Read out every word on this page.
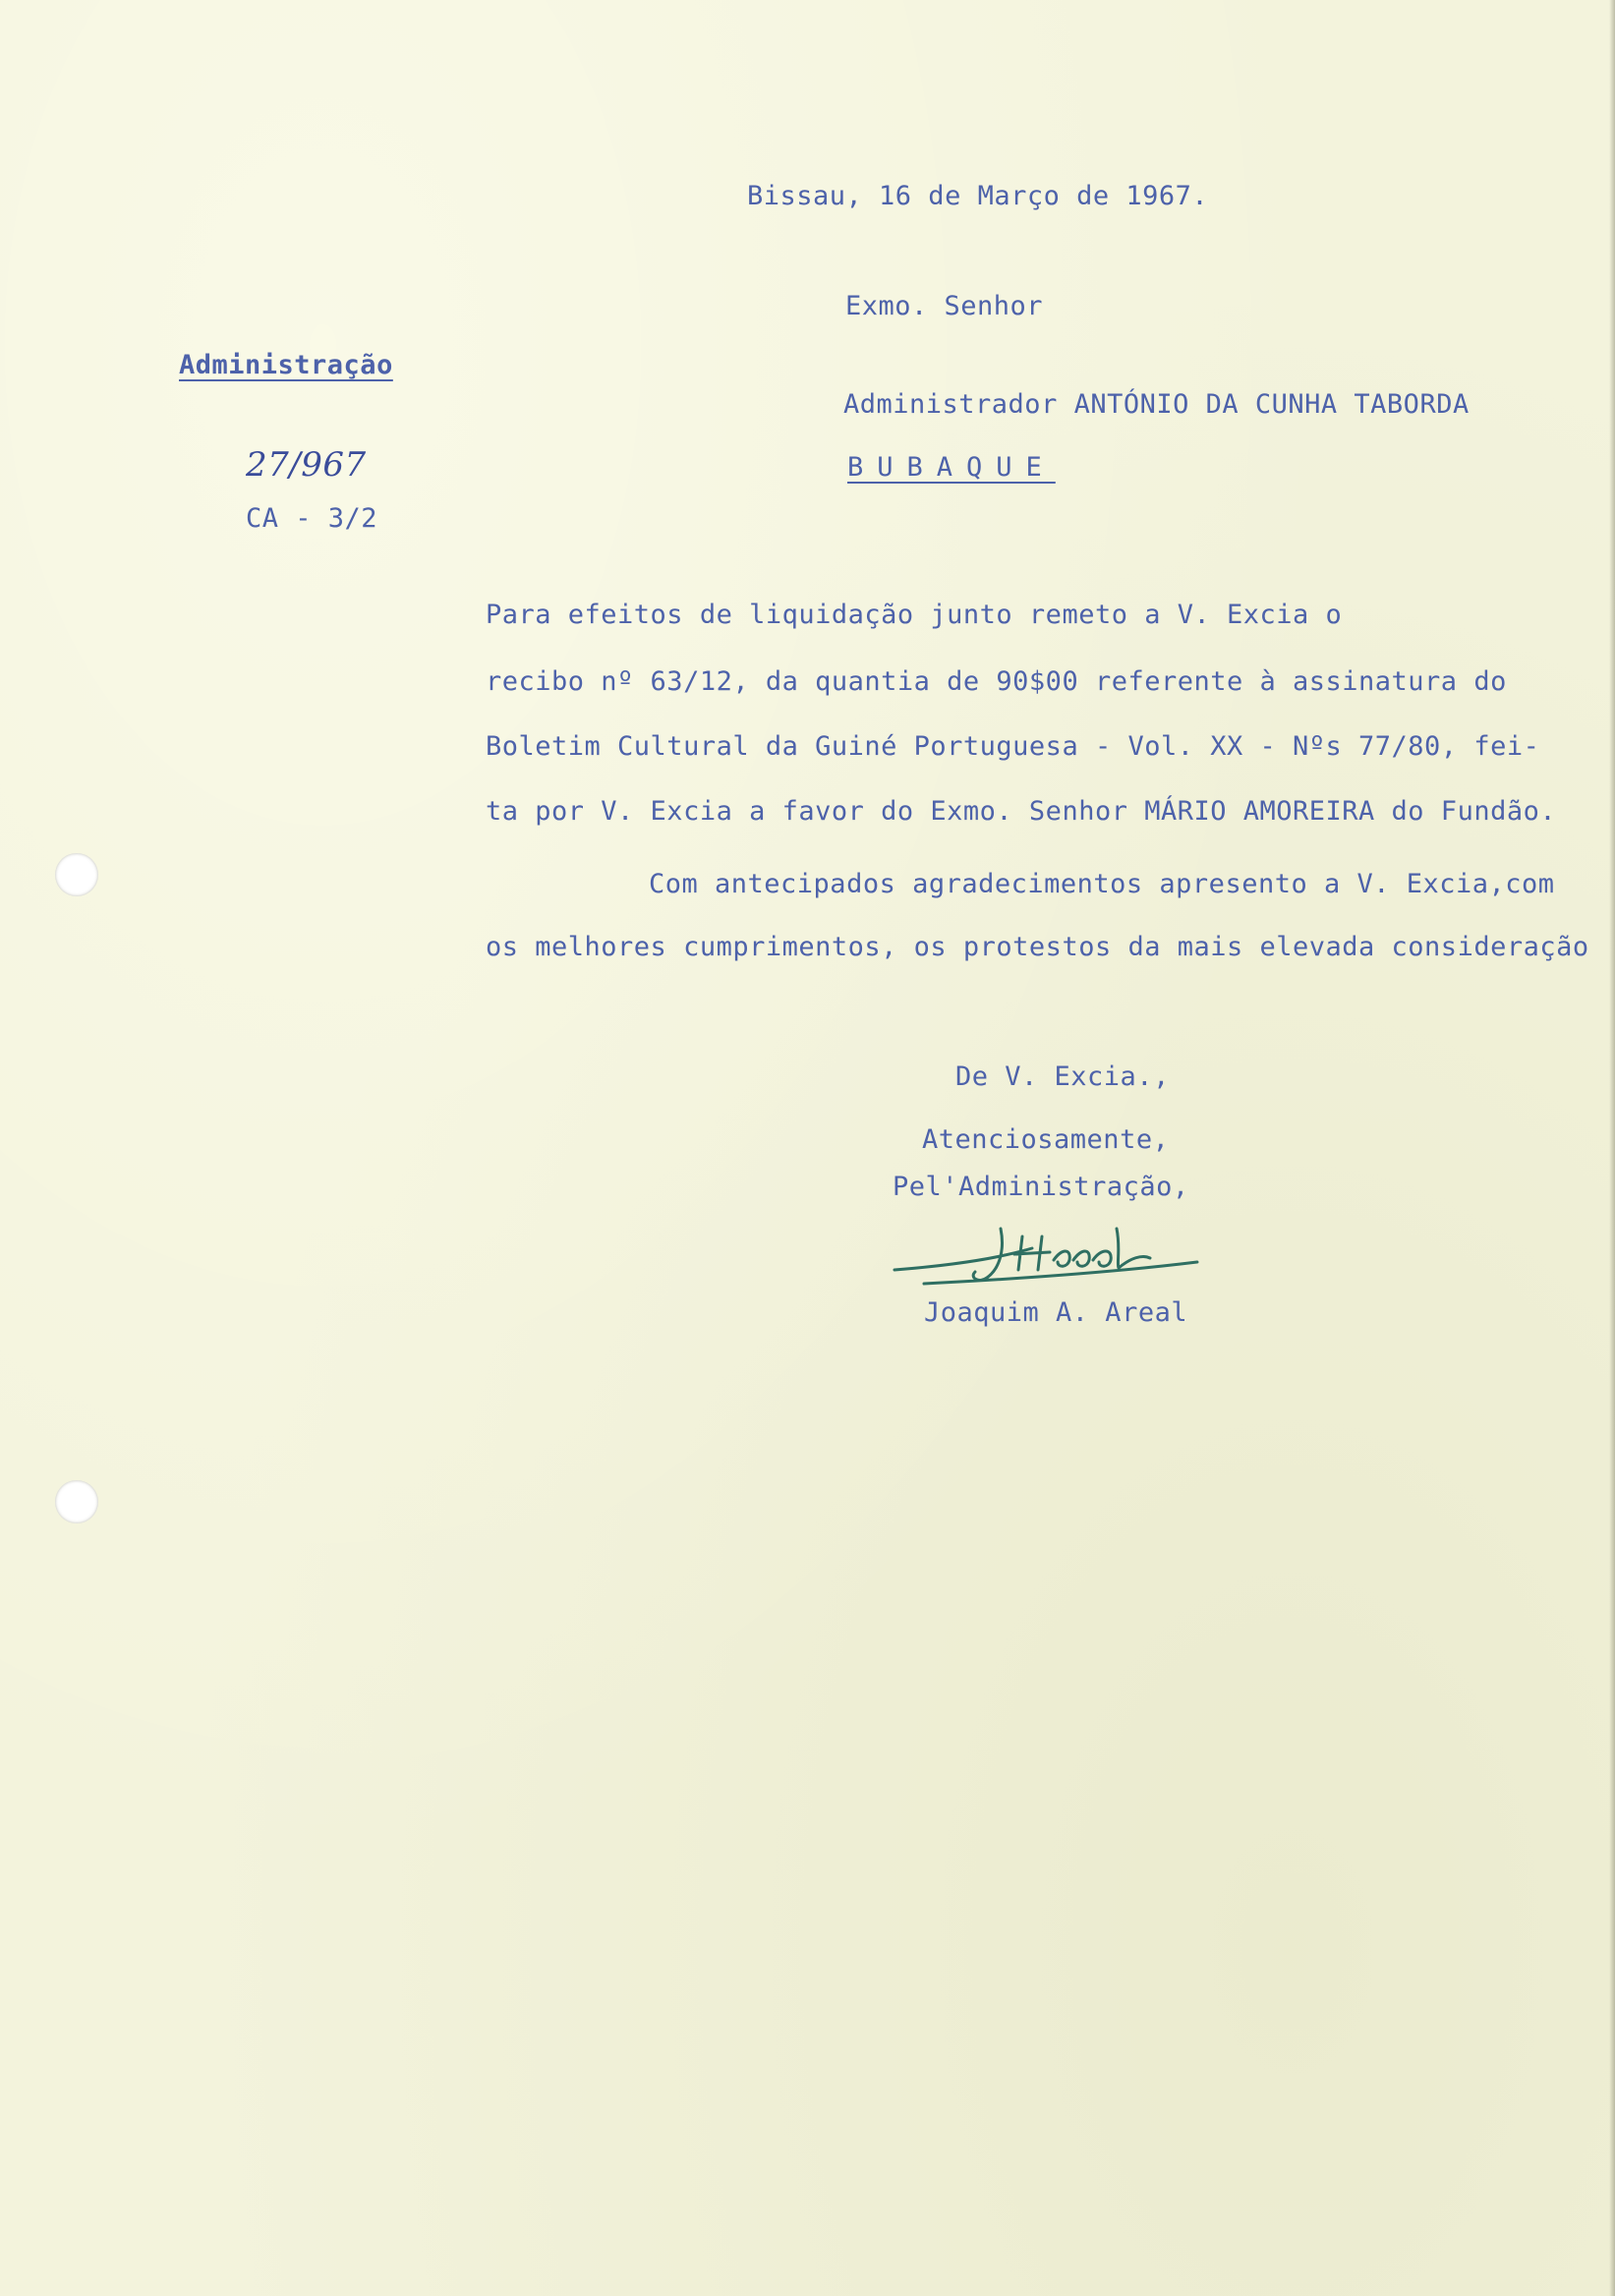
Bissau, 16 de Março de 1967.
Exmo. Senhor
Administração
Administrador ANTÓNIO DA CUNHA TABORDA
27/967	BUBAQUE
CA - 3/2
Para efeitos de liquidação junto remeto a V. Excia o
recibo nº 63/12, da quantia de 90$00 referente à assinatura do
Boletim Cultural da Guiné Portuguesa - Vol. XX - Nºs 77/80, fei-
ta por V. Excia a favor do Exmo. Senhor MÁRIO AMOREIRA do Fundão.
Com antecipados agradecimentos apresento a V. Excia,com
os melhores cumprimentos, os protestos da mais elevada consideração
De V. Excia.,
Atenciosamente,
Pel'Administração,
Joaquim A. Areal
